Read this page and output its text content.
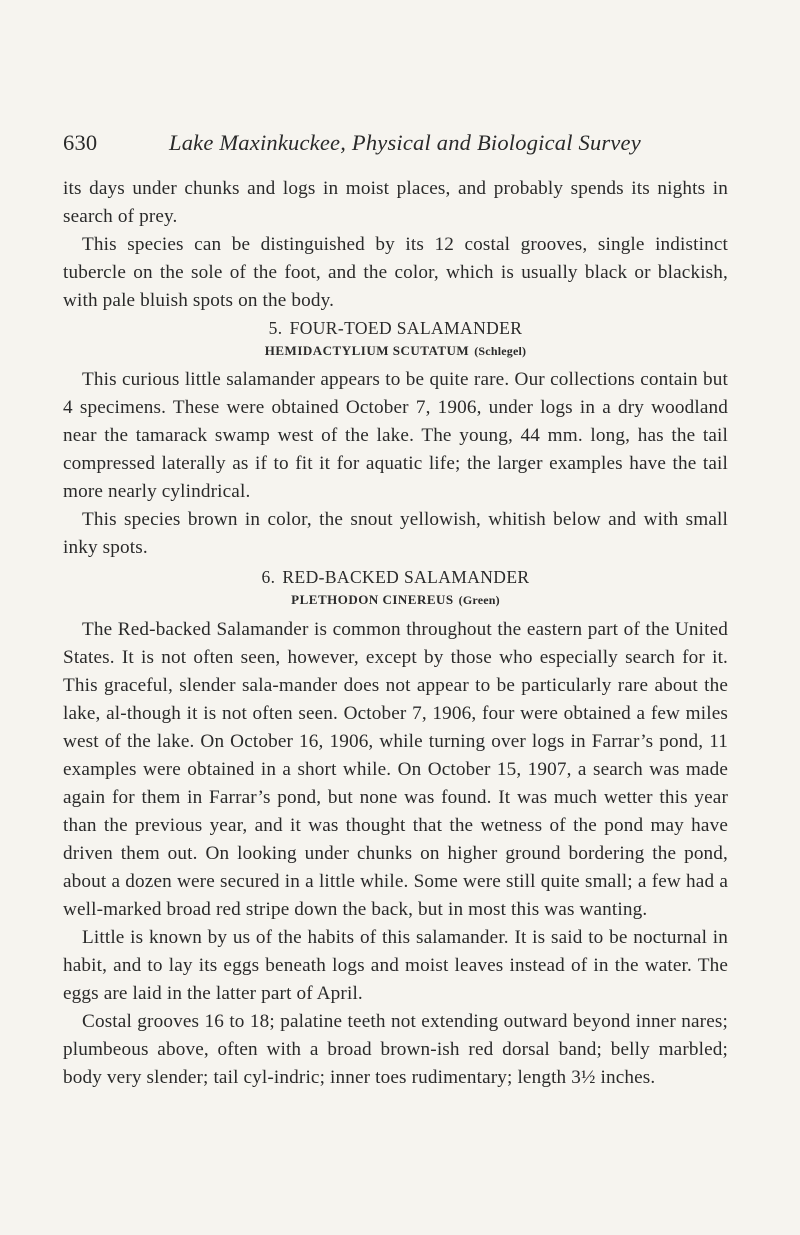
630	Lake Maxinkuckee, Physical and Biological Survey

its days under chunks and logs in moist places, and probably spends its nights in search of prey.

This species can be distinguished by its 12 costal grooves, single indistinct tubercle on the sole of the foot, and the color, which is usually black or blackish, with pale bluish spots on the body.

5. FOUR-TOED SALAMANDER
HEMIDACTYLIUM SCUTATUM (Schlegel)

This curious little salamander appears to be quite rare. Our collections contain but 4 specimens. These were obtained October 7, 1906, under logs in a dry woodland near the tamarack swamp west of the lake. The young, 44 mm. long, has the tail compressed laterally as if to fit it for aquatic life; the larger examples have the tail more nearly cylindrical.

This species brown in color, the snout yellowish, whitish below and with small inky spots.

6. RED-BACKED SALAMANDER
PLETHODON CINEREUS (Green)

The Red-backed Salamander is common throughout the eastern part of the United States. It is not often seen, however, except by those who especially search for it. This graceful, slender sala-mander does not appear to be particularly rare about the lake, al-though it is not often seen. October 7, 1906, four were obtained a few miles west of the lake. On October 16, 1906, while turning over logs in Farrar’s pond, 11 examples were obtained in a short while. On October 15, 1907, a search was made again for them in Farrar’s pond, but none was found. It was much wetter this year than the previous year, and it was thought that the wetness of the pond may have driven them out. On looking under chunks on higher ground bordering the pond, about a dozen were secured in a little while. Some were still quite small; a few had a well-marked broad red stripe down the back, but in most this was wanting.

Little is known by us of the habits of this salamander. It is said to be nocturnal in habit, and to lay its eggs beneath logs and moist leaves instead of in the water. The eggs are laid in the latter part of April.

Costal grooves 16 to 18; palatine teeth not extending outward beyond inner nares; plumbeous above, often with a broad brown-ish red dorsal band; belly marbled; body very slender; tail cyl-indric; inner toes rudimentary; length 3½ inches.
